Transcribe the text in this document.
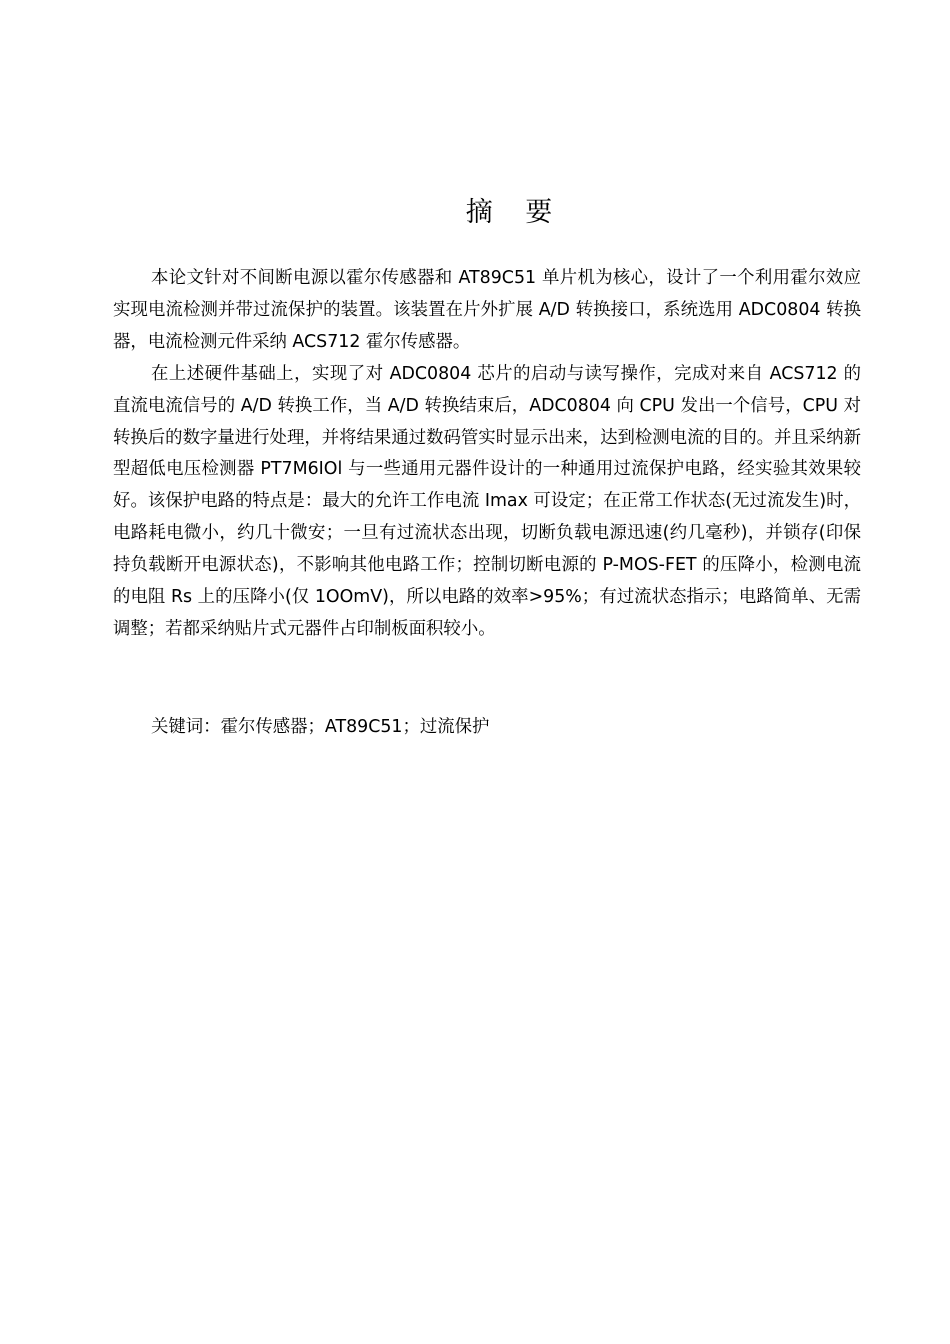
摘 要

本论文针对不间断电源以霍尔传感器和 AT89C51 单片机为核心，设计了一个利用霍尔效应实现电流检测并带过流保护的装置。该装置在片外扩展 A/D 转换接口，系统选用 ADC0804 转换器，电流检测元件采纳 ACS712 霍尔传感器。

在上述硬件基础上，实现了对 ADC0804 芯片的启动与读写操作，完成对来自 ACS712 的直流电流信号的 A/D 转换工作，当 A/D 转换结束后，ADC0804 向 CPU 发出一个信号，CPU 对转换后的数字量进行处理，并将结果通过数码管实时显示出来，达到检测电流的目的。并且采纳新型超低电压检测器 PT7M6IOl 与一些通用元器件设计的一种通用过流保护电路，经实验其效果较好。该保护电路的特点是：最大的允许工作电流 Imax 可设定；在正常工作状态(无过流发生)时，电路耗电微小，约几十微安；一旦有过流状态出现，切断负载电源迅速(约几毫秒)，并锁存(印保持负载断开电源状态)，不影响其他电路工作；控制切断电源的 P-MOS-FET 的压降小，检测电流的电阻 Rs 上的压降小(仅 1OOmV)，所以电路的效率>95%；有过流状态指示；电路简单、无需调整；若都采纳贴片式元器件占印制板面积较小。

关键词：霍尔传感器；AT89C51；过流保护
